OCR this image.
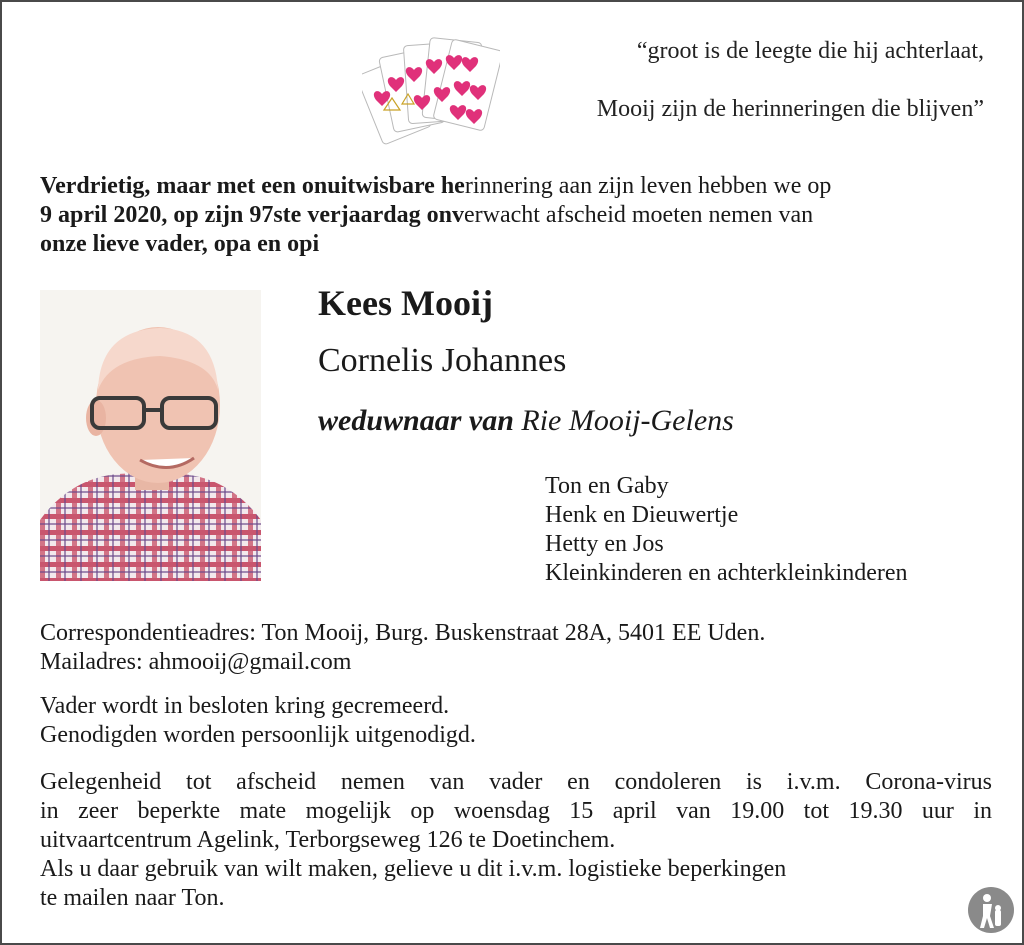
“groot is de leegte die hij achterlaat,
Mooij zijn de herinneringen die blijven”
Verdrietig, maar met een onuitwisbare herinnering aan zijn leven hebben we op
9 april 2020, op zijn 97ste verjaardag onverwacht afscheid moeten nemen van
onze lieve vader, opa en opi
Kees Mooij
Cornelis Johannes
weduwnaar van Rie Mooij-Gelens
Ton en Gaby
Henk en Dieuwertje
Hetty en Jos
Kleinkinderen en achterkleinkinderen
Correspondentieadres: Ton Mooij, Burg. Buskenstraat 28A, 5401 EE Uden.
Mailadres: ahmooij@gmail.com
Vader wordt in besloten kring gecremeerd.
Genodigden worden persoonlijk uitgenodigd.
Gelegenheid tot afscheid nemen van vader en condoleren is i.v.m. Corona-virus
in zeer beperkte mate mogelijk op woensdag 15 april van 19.00 tot 19.30 uur in
uitvaartcentrum Agelink, Terborgseweg 126 te Doetinchem.
Als u daar gebruik van wilt maken, gelieve u dit i.v.m. logistieke beperkingen
te mailen naar Ton.
